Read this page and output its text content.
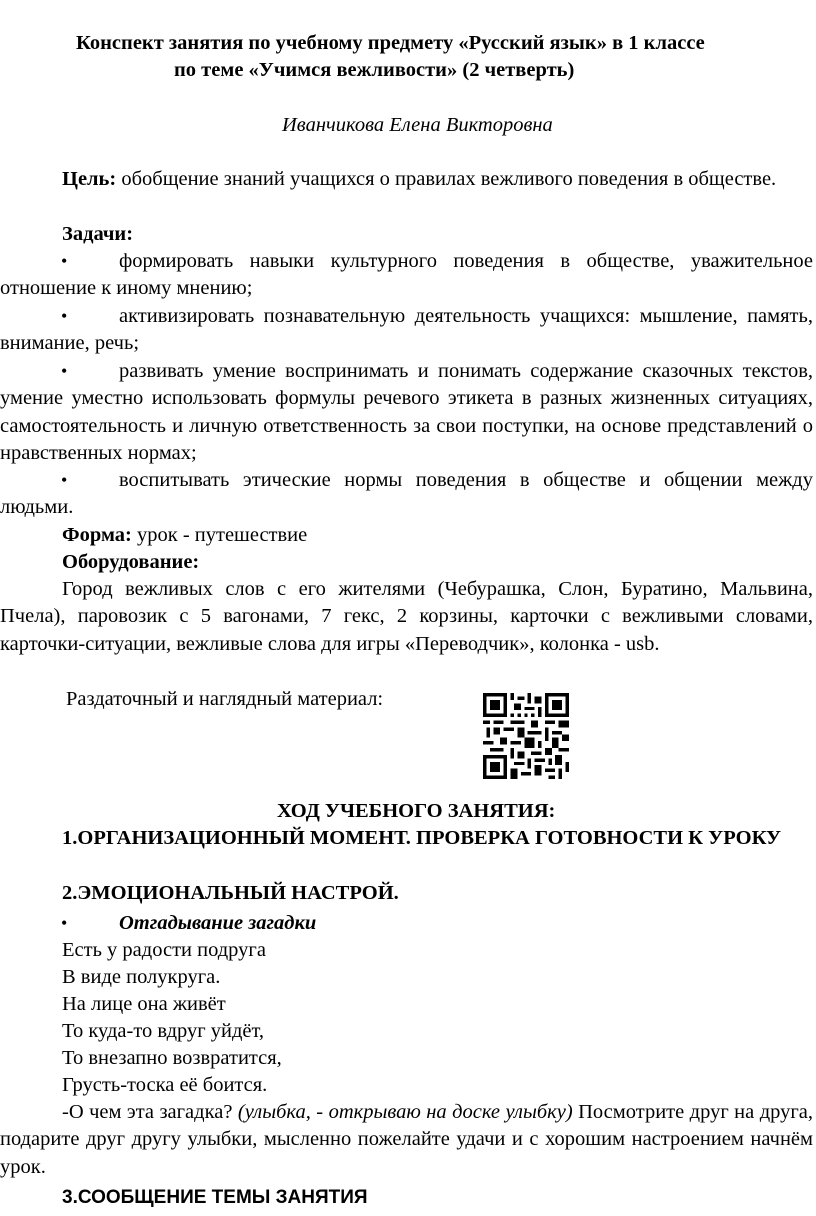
Конспект занятия по учебному предмету «Русский язык» в 1 классе
по теме «Учимся вежливости» (2 четверть)
Иванчикова Елена Викторовна
Цель: обобщение знаний учащихся о правилах вежливого поведения в обществе.
Задачи:
•	формировать навыки культурного поведения в обществе, уважительное отношение к иному мнению;
•	активизировать познавательную деятельность учащихся: мышление, память, внимание, речь;
•	развивать умение воспринимать и понимать содержание сказочных текстов, умение уместно использовать формулы речевого этикета в разных жизненных ситуациях, самостоятельность и личную ответственность за свои поступки, на основе представлений о нравственных нормах;
•	воспитывать этические нормы поведения в обществе и общении между людьми.
Форма: урок - путешествие
Оборудование:
Город вежливых слов с его жителями (Чебурашка, Слон, Буратино, Мальвина, Пчела), паровозик с 5 вагонами, 7 гекс, 2 корзины, карточки с вежливыми словами, карточки-ситуации, вежливые слова для игры «Переводчик», колонка - usb.
Раздаточный и наглядный материал:
ХОД УЧЕБНОГО ЗАНЯТИЯ:
1.ОРГАНИЗАЦИОННЫЙ МОМЕНТ. ПРОВЕРКА ГОТОВНОСТИ К УРОКУ
2.ЭМОЦИОНАЛЬНЫЙ НАСТРОЙ.
•	Отгадывание загадки
Есть у радости подруга
В виде полукруга.
На лице она живёт
То куда-то вдруг уйдёт,
То внезапно возвратится,
Грусть-тоска её боится.
-О чем эта загадка? (улыбка, - открываю на доске улыбку) Посмотрите друг на друга, подарите друг другу улыбки, мысленно пожелайте удачи и с хорошим настроением начнём урок.
3.СООБЩЕНИЕ ТЕМЫ ЗАНЯТИЯ
